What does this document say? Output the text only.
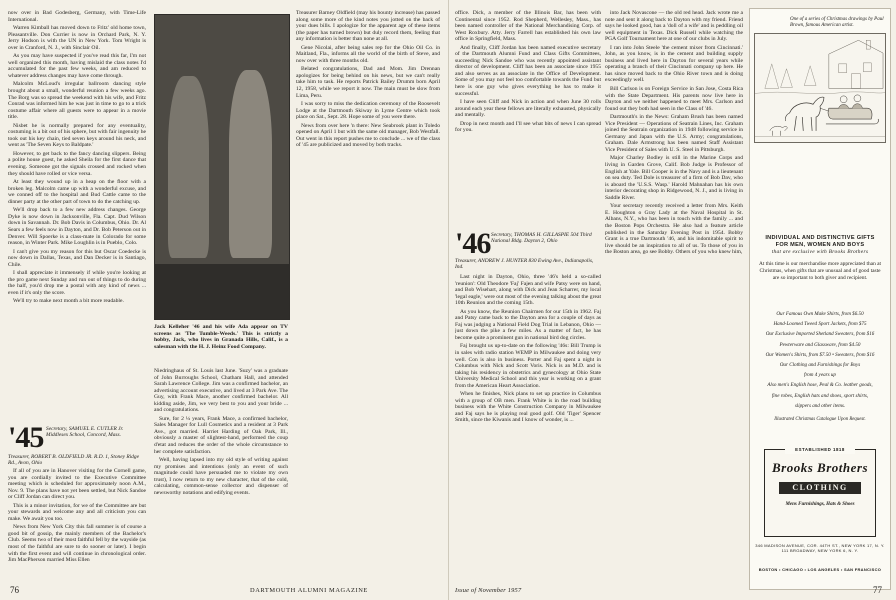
now over in Bad Godesberg, Germany, with Time-Life International.

Warren Kimball has moved down to Fritz' old home town, Pleasantville. Don Currier is now in Orchard Park, N. Y. Jerry Hodson is with the UN in New York. Tom Wright is over in Cranford, N. J., with Sinclair Oil.

As you may have suspected if you've read this far, I'm not well organized this month, having mislaid the class notes I'd accumulated for the past few weeks, and am reduced to whatever address changes may have come through.

Malcolm McLoud's irregular ballroom dancing style brought about a small, wonderful reunion a few weeks ago. The Borg was so spread the weekend with his wife, and Fritz Conrad was informed him he was just in time to go to a trick costume affair where all guests were to appear in a movie title.

Nisbet he is normally prepared for any eventuality, costuming is a bit out of his sphere, but with fair ingenuity he took out his key chain, tied seven keys around his neck, and went as 'The Seven Keys to Baldpate.'

However, to get back to the fancy dancing slippers. Being a polite house guest, he asked Sheila for the first dance that evening. Someone got the signals crossed and rocked when they should have rolled or vice versa.

At least they wound up in a heap on the floor with a broken leg. Malcolm came up with a wonderful excuse, and we conned off to the hospital and Bud Cattle came to the dinner party at the other part of town to do the catching up.

We'll drop back to a few new address changes. George Dyke is now down in Jacksonville, Fla. Capt. Dud Wilson down in Savannah. Dr. Bob Davis in Columbus, Ohio. Dr. Al Sears a few feels now in Dayton, and Dr. Bob Peterson out in Denver. Will Spoerke is a class-mate in Colorado for some reason, in Winter Park. Mike Loughlin is in Pueblo, Colo.

I can't give you my reason for this but Oscar Coedecke is now down in Dallas, Texas, and Dan Decker is in Santiago, Chile.

I shall appreciate it immensely if while you're looking at the pro game next Sunday and run out of things to do during the half, you'd drop me a postal with any kind of news ... even if it's only the score.

We'll try to make next month a bit more readable.

'45 Secretary, SAMUEL E. CUTLER Jr. Middlesex School, Concord, Mass.
Treasurer, ROBERT B. OLDFIELD JR. R.D. 1, Stoney Ridge Rd., Avon, Ohio

If all of you are in Hanover visiting for the Cornell game, you are cordially invited to the Executive Committee meeting which is scheduled for approximately noon A.M., Nov. 9. The plans have not yet been settled, but Nick Sandoe or Cliff Jordan can direct you.

This is a minor invitation, for we of the Committee are but your stewards and welcome any and all criticism you can make. We await you too.

News from New York City this fall summer is of course a good bit of gossip, the mainly members of the Bachelor's Club. Seems two of their most faithful fell by the wayside (as most of the faithful are sure to do sooner or later). I begin with the first event and will continue in chronological order. Jim MacPherson married Miss Ellen

Jack Kelleher '46 and his wife Ada appear on TV screens as 'The Tumble-Weeds.' This is strictly a hobby, Jack, who lives in Granada Hills, Calif., is a salesman with the H. J. Heinz Food Company.

Niedringhaus of St. Louis last June. 'Suzy' was a graduate of John Burroughs School, Chatham Hall, and attended Sarah Lawrence College. Jim was a confirmed bachelor, an advertising account executive, and lived at 3 Park Ave. The Guy, with Frank Mace, another confirmed bachelor. All kidding aside, Jim, we very best to you and your bride ... and congratulations.

Sure, for 2 ¼ years, Frank Mace, a confirmed bachelor, Sales Manager for Lull Cosmetics and a resident at 3 Park Ave., got married. Harriet Harding of Oak Park, Ill., obviously a master of slightest-hand, performed the coup d'etat and reduces the order of the whole circumstance to her complete satisfaction.

Well, having lapsed into my old style of writing against my promises and intentions (only an event of such magnitude could have persuaded me to violate my own trust), I now return to my new character, that of the cold, calculating, common-sense collector and dispenser of newsworthy notations and edifying events.

Treasurer Barney Oldfield (may his bounty increase) has passed along some more of the kind notes you jotted on the back of your dues bills. I apologize for the apparent age of these items (the paper has turned brown) but duly record them, feeling that any information is better than none at all.

Gene Nicolai, after being sales rep for the Ohio Oil Co. in Maitland, Fla., informs all the world of the birth of Steve, and now over with three months old.

Belated congratulations, Dad and Mom. Jim Drennan apologizes for being behind on his news, but we can't really take him to task. He reports Patrick Bailey Drumm born April 12, 1958, while we report it now. The main must be slow from Lima, Peru.

I was sorry to miss the dedication ceremony of the Roosevelt Lodge at the Dartmouth Skiway in Lyme Centre which took place on Sat., Sept. 28. Hope some of you were there.

News from over here 'n there: New Seabrook plant in Toledo opened on April 1 but with the same old manager, Bob Westfall. Out went in this report pushes me to conclude ... we of the class of '45 are publicized and moved by both tracks.

76	DARTMOUTH ALUMNI MAGAZINE

office. Dick, a member of the Illinois Bar, has been with Continental since 1952. Rod Shepherd, Wellesley, Mass., has been named controller of the National Merchandising Corp. of West Roxbury. Atty. Jerry Farrell has established his own law office in Springfield, Mass.

And finally, Cliff Jordan has been named executive secretary of the Dartmouth Alumni Fund and Class Gifts Committees, succeeding Nick Sandoe who was recently appointed assistant director of development. Cliff has been an associate since 1955 and also serves as an associate in the Office of Development. Some of you may not feel too comfortable towards the Fund but here is one guy who gives everything he has to make it successful.

I have seen Cliff and Nick in action and when June 30 rolls around each year these fellows are literally exhausted, physically and mentally.

Drop in next month and I'll see what bits of news I can spread for you.

'46 Secretary, THOMAS H. GILLASPIE 504 Third National Bldg. Dayton 2, Ohio
Treasurer, ANDREW J. HUNTER 830 Ewing Ave., Indianapolis, Ind.

Last night in Dayton, Ohio, three '46's held a so-called 'reunion': Old Theodore 'Faj' Fajen and wife Patsy were on hand, and Bob Wisehart, along with Dick and Jean Scharrer, my local 'legal eagle,' were out most of the evening talking about the great 10th Reunion and the coming 15th.

As you know, the Reunion Chairmen for our 15th in 1962. Faj and Patsy came back to the Dayton area for a couple of days as Faj was judging a National Field Dog Trial in Lebanon, Ohio — just down the pike a few miles. As a matter of fact, he has become quite a prominent gun in national bird dog circles.

Faj brought us up-to-date on the following '46s: Bill Trump is in sales with radio station WEMP in Milwaukee and doing very well. Con is also in business. Porter and Faj spent a night in Columbus with Nick and Scott Voris. Nick is an M.D. and is taking his residency in obstetrics and gynecology at Ohio State University Medical School and this year is working on a grant from the American Heart Association.

When he finishes, Nick plans to set up practice in Columbus with a group of OB men. Frank White is in the road building business with the White Construction Company in Milwaukee and Faj says he is playing real good golf. Old 'Tiger' Spencer Smith, since the Kiwanis and I know of wonder, is ...

One of a series of Christmas drawings by Paul Brown, famous American artist.
INDIVIDUAL AND DISTINCTIVE GIFTS
FOR MEN, WOMEN AND BOYS
that are exclusive with Brooks Brothers
At this time is our merchandise more appreciated than at Christmas, when gifts that are unusual and of good taste are so important to both giver and recipient.
Our Famous Own Make Shirts, from $6.50
Hand-Loomed Tweed Sport Jackets, from $75
Our Exclusive Imported Shetland Sweaters, from $16
Pewterware and Glassware, from $4.50
Our Women's Shirts, from $7.50 • Sweaters, from $16
Our Clothing and Furnishings for Boys
from 4 years up
Also men's English hose, Peal & Co. leather goods,
fine robes, English hats and shoes, sport shirts,
slippers and other items.
Illustrated Christmas Catalogue Upon Request.
ESTABLISHED 1818
Brooks Brothers
CLOTHING
Mens Furnishings, Hats & Shoes
346 MADISON AVENUE, COR. 44TH ST., NEW YORK 17, N. Y. 111 BROADWAY, NEW YORK 6, N. Y.
BOSTON • CHICAGO • LOS ANGELES • SAN FRANCISCO
Issue of November 1957	77

into Jack Novascone — the old red head. Jack wrote me a note and sent it along back to Dayton with my friend. Friend says he looked good, has a 'doll of a wife' and is peddling oil well equipment in Texas. Dick Russell while watching the PGA Golf Tournament here at one of our clubs in July.

I ran into John Steele 'the cement mixer from Cincinnati.' John, as you know, is in the cement and building supply business and lived here in Dayton for several years while operating a branch of their Cincinnati company up here. He has since moved back to the Ohio River town and is doing exceedingly well.

Bill Carlson is on Foreign Service in San Jose, Costa Rica with the State Department. His parents now live here in Dayton and we neither happened to meet Mrs. Carlson and found out they both had seen in the Class of '46.

Dartmouth's in the News: Graham Brush has been named Vice President — Operations of Seatrain Lines, Inc. Graham joined the Seatrain organization in 1948 following service in Germany and Japan with the U.S. Army; congratulations, Graham. Dale Armstrong has been named Staff Assistant Vice President of Sales with U. S. Steel in Pittsburgh.

Major Charley Bodley is still in the Marine Corps and living in Garden Grove, Calif. Bob Judge is Professor of English at Yale. Bill Cooper is in the Navy and is a lieutenant on sea duty. Ted Dole is treasurer of a firm of Bob Dav, who is aboard the 'U.S.S. Wasp.' Harold Mahnahan has his own interior decorating shop in Ridgewood, N. J., and is living in Saddle River.

Your secretary recently received a letter from Mrs. Keith E. Houghton o Gray Lady at the Naval Hospital in St. Albans, N.Y., who has been in touch with the family ... and the Boston Pops Orchestra. He also had a feature article published in the Saturday Evening Post in 1954. Bobby Grant is a true Dartmouth '46, and his indomitable spirit to live should be an inspiration to all of us. To those of you in the Boston area, go see Bobby. Others of you who knew him,
